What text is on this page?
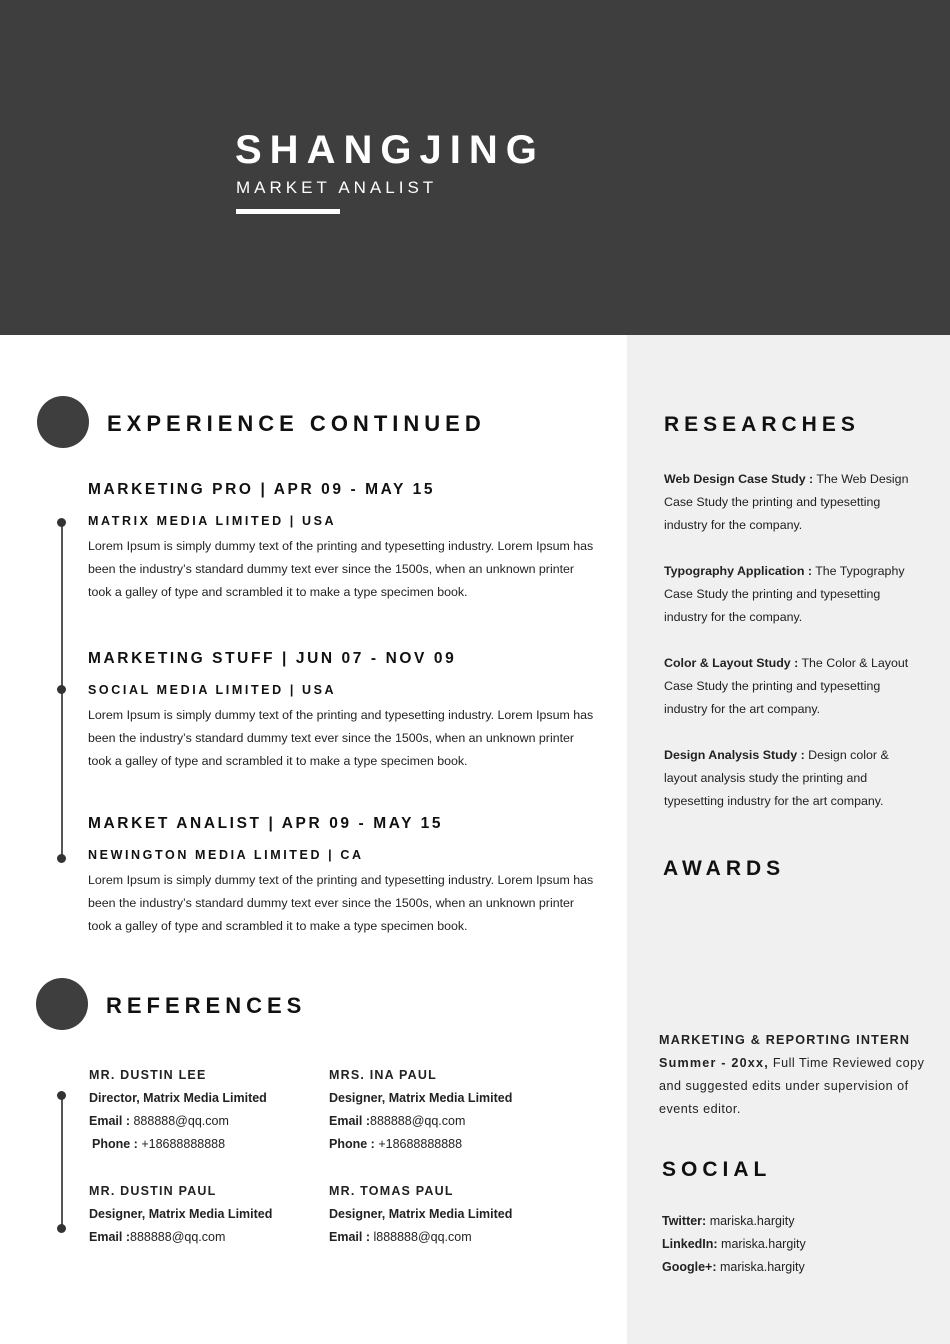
SHANGJING
MARKET ANALIST
EXPERIENCE CONTINUED
MARKETING PRO | APR 09 - MAY 15
MATRIX MEDIA LIMITED | USA
Lorem Ipsum is simply dummy text of the printing and typesetting industry. Lorem Ipsum has been the industry’s standard dummy text ever since the 1500s, when an unknown printer took a galley of type and scrambled it to make a type specimen book.
MARKETING STUFF | JUN 07 - NOV 09
SOCIAL MEDIA LIMITED | USA
Lorem Ipsum is simply dummy text of the printing and typesetting industry. Lorem Ipsum has been the industry’s standard dummy text ever since the 1500s, when an unknown printer took a galley of type and scrambled it to make a type specimen book.
MARKET ANALIST | APR 09 - MAY 15
NEWINGTON MEDIA LIMITED | CA
Lorem Ipsum is simply dummy text of the printing and typesetting industry. Lorem Ipsum has been the industry’s standard dummy text ever since the 1500s, when an unknown printer took a galley of type and scrambled it to make a type specimen book.
REFERENCES
MR. DUSTIN LEE
Director, Matrix Media Limited
Email : 888888@qq.com
Phone : +18688888888
MRS. INA PAUL
Designer, Matrix Media Limited
Email :888888@qq.com
Phone : +18688888888
MR. DUSTIN PAUL
Designer, Matrix Media Limited
Email :888888@qq.com
MR. TOMAS PAUL
Designer, Matrix Media Limited
Email : l888888@qq.com
RESEARCHES
Web Design Case Study : The Web Design Case Study the printing and typesetting industry for the company.
Typography Application : The Typography Case Study the printing and typesetting industry for the company.
Color & Layout Study : The Color & Layout Case Study the printing and typesetting industry for the art company.
Design Analysis Study : Design color & layout analysis study the printing and typesetting industry for the art company.
AWARDS
MARKETING & REPORTING INTERN Summer - 20xx, Full Time Reviewed copy and suggested edits under supervision of events editor.
SOCIAL
Twitter: mariska.hargity
LinkedIn: mariska.hargity
Google+: mariska.hargity
